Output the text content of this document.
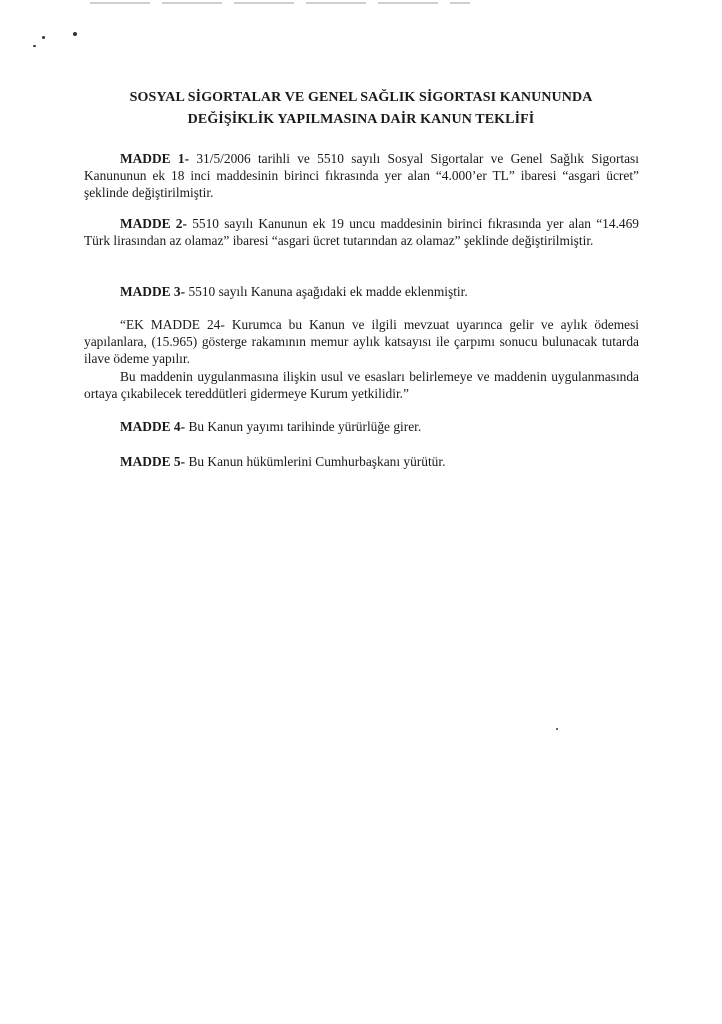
SOSYAL SİGORTALAR VE GENEL SAĞLIK SİGORTASI KANUNUNDA
DEĞİŞİKLİK YAPILMASINA DAİR KANUN TEKLİFİ

MADDE 1- 31/5/2006 tarihli ve 5510 sayılı Sosyal Sigortalar ve Genel Sağlık Sigortası Kanununun ek 18 inci maddesinin birinci fıkrasında yer alan “4.000’er TL” ibaresi “asgari ücret” şeklinde değiştirilmiştir.

MADDE 2- 5510 sayılı Kanunun ek 19 uncu maddesinin birinci fıkrasında yer alan “14.469 Türk lirasından az olamaz” ibaresi “asgari ücret tutarından az olamaz” şeklinde değiştirilmiştir.

MADDE 3- 5510 sayılı Kanuna aşağıdaki ek madde eklenmiştir.

“EK MADDE 24- Kurumca bu Kanun ve ilgili mevzuat uyarınca gelir ve aylık ödemesi yapılanlara, (15.965) gösterge rakamının memur aylık katsayısı ile çarpımı sonucu bulunacak tutarda ilave ödeme yapılır.

Bu maddenin uygulanmasına ilişkin usul ve esasları belirlemeye ve maddenin uygulanmasında ortaya çıkabilecek tereddütleri gidermeye Kurum yetkilidir.”

MADDE 4- Bu Kanun yayımı tarihinde yürürlüğe girer.

MADDE 5- Bu Kanun hükümlerini Cumhurbaşkanı yürütür.
